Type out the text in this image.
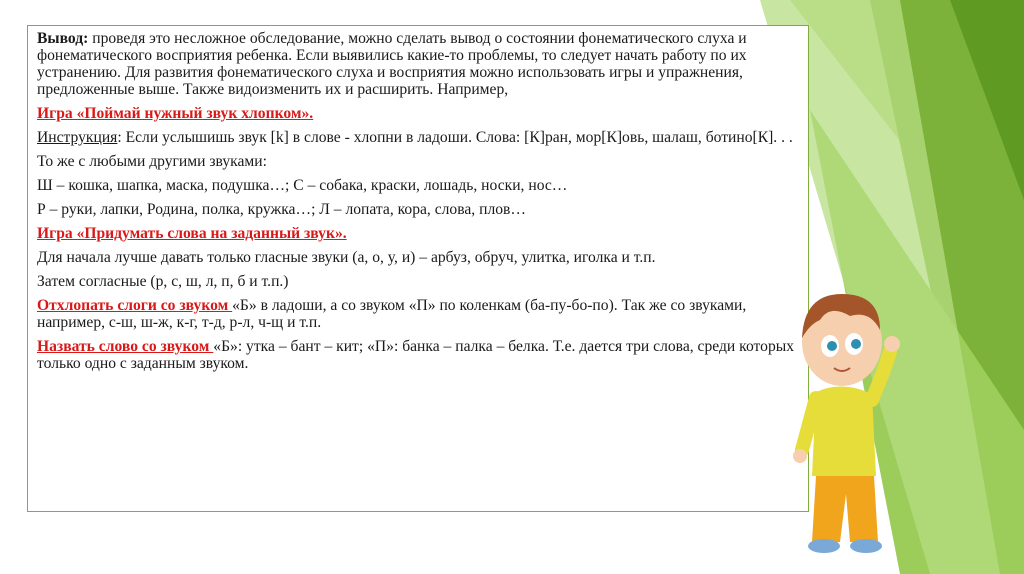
Вывод: проведя это несложное обследование, можно сделать вывод о состоянии фонематического слуха и фонематического восприятия ребенка. Если выявились какие-то проблемы, то следует начать работу по их устранению. Для развития фонематического слуха и восприятия можно использовать игры и упражнения, предложенные выше. Также видоизменить их и расширить. Например,

Игра «Поймай нужный звук хлопком».

Инструкция: Если услышишь звук [k] в слове - хлопни в ладоши. Слова: [К]ран, мор[К]овь, шалаш, ботино[К]. . .

То же с любыми другими звуками:

Ш – кошка, шапка, маска, подушка…; С – собака, краски, лошадь, носки, нос…

Р – руки, лапки, Родина, полка, кружка…; Л – лопата, кора, слова, плов…

Игра «Придумать слова на заданный звук».

Для начала лучше давать только гласные звуки (а, о, у, и) – арбуз, обруч, улитка, иголка и т.п.

Затем согласные (р, с, ш, л, п, б и т.п.)

Отхлопать слоги со звуком «Б» в ладоши, а со звуком «П» по коленкам (ба-пу-бо-по). Так же со звуками, например, с-ш, ш-ж, к-г, т-д, р-л, ч-щ и т.п.

Назвать слово со звуком «Б»: утка – бант – кит; «П»: банка – палка – белка. Т.е. дается три слова, среди которых только одно с заданным звуком.
